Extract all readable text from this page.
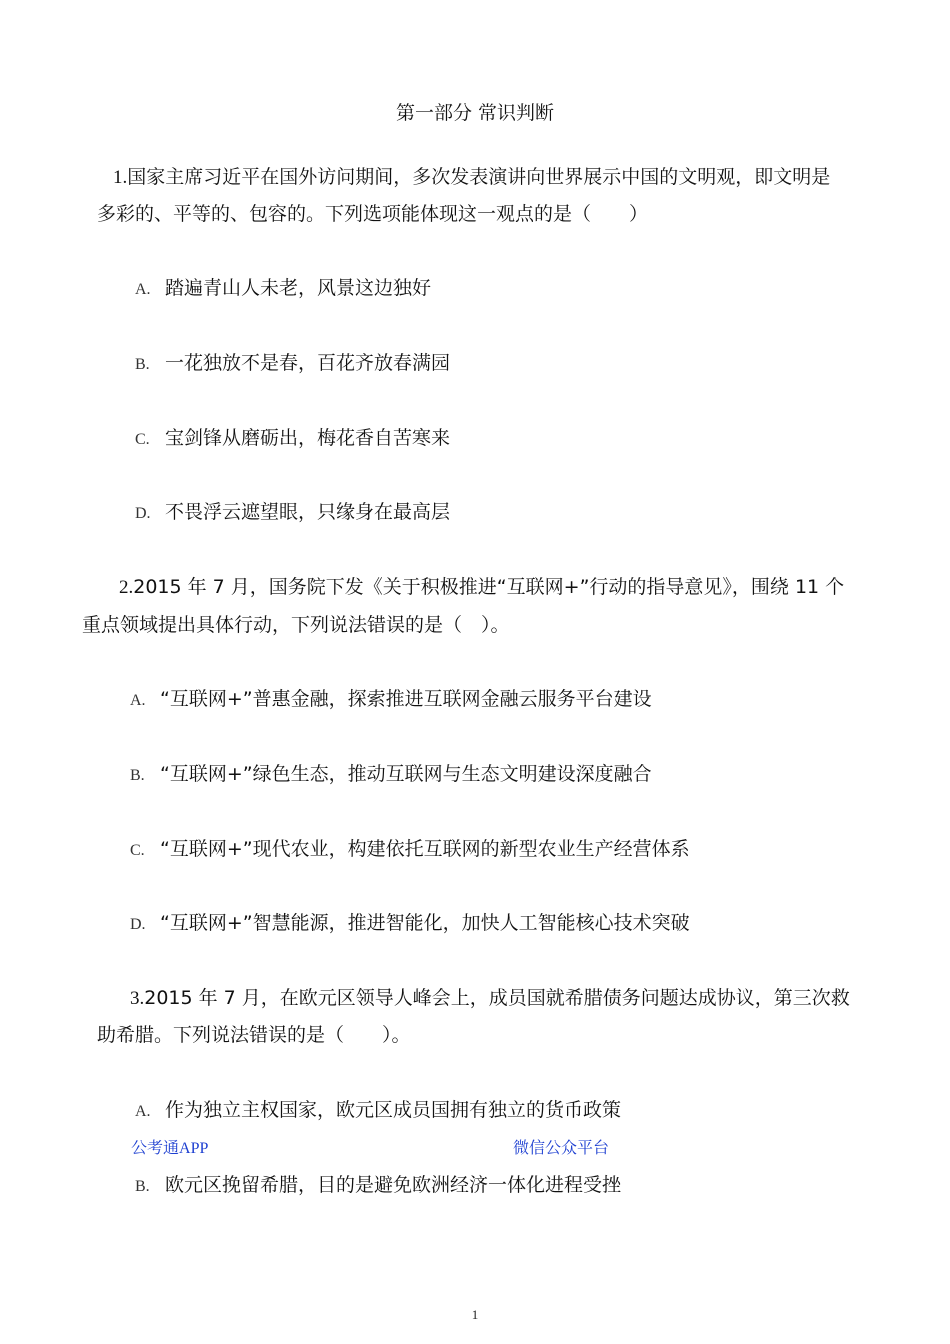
第一部分 常识判断
1.国家主席习近平在国外访问期间，多次发表演讲向世界展示中国的文明观，即文明是
多彩的、平等的、包容的。下列选项能体现这一观点的是（　　）
A. 踏遍青山人未老，风景这边独好
B. 一花独放不是春，百花齐放春满园
C. 宝剑锋从磨砺出，梅花香自苦寒来
D. 不畏浮云遮望眼，只缘身在最高层
2.2015 年 7 月，国务院下发《关于积极推进“互联网+”行动的指导意见》，围绕 11 个
重点领域提出具体行动，下列说法错误的是（　）。
A. “互联网+”普惠金融，探索推进互联网金融云服务平台建设
B. “互联网+”绿色生态，推动互联网与生态文明建设深度融合
C. “互联网+”现代农业，构建依托互联网的新型农业生产经营体系
D. “互联网+”智慧能源，推进智能化，加快人工智能核心技术突破
3.2015 年 7 月，在欧元区领导人峰会上，成员国就希腊债务问题达成协议，第三次救
助希腊。下列说法错误的是（　　）。
A. 作为独立主权国家，欧元区成员国拥有独立的货币政策
公考通APP	微信公众平台
B. 欧元区挽留希腊，目的是避免欧洲经济一体化进程受挫
1
